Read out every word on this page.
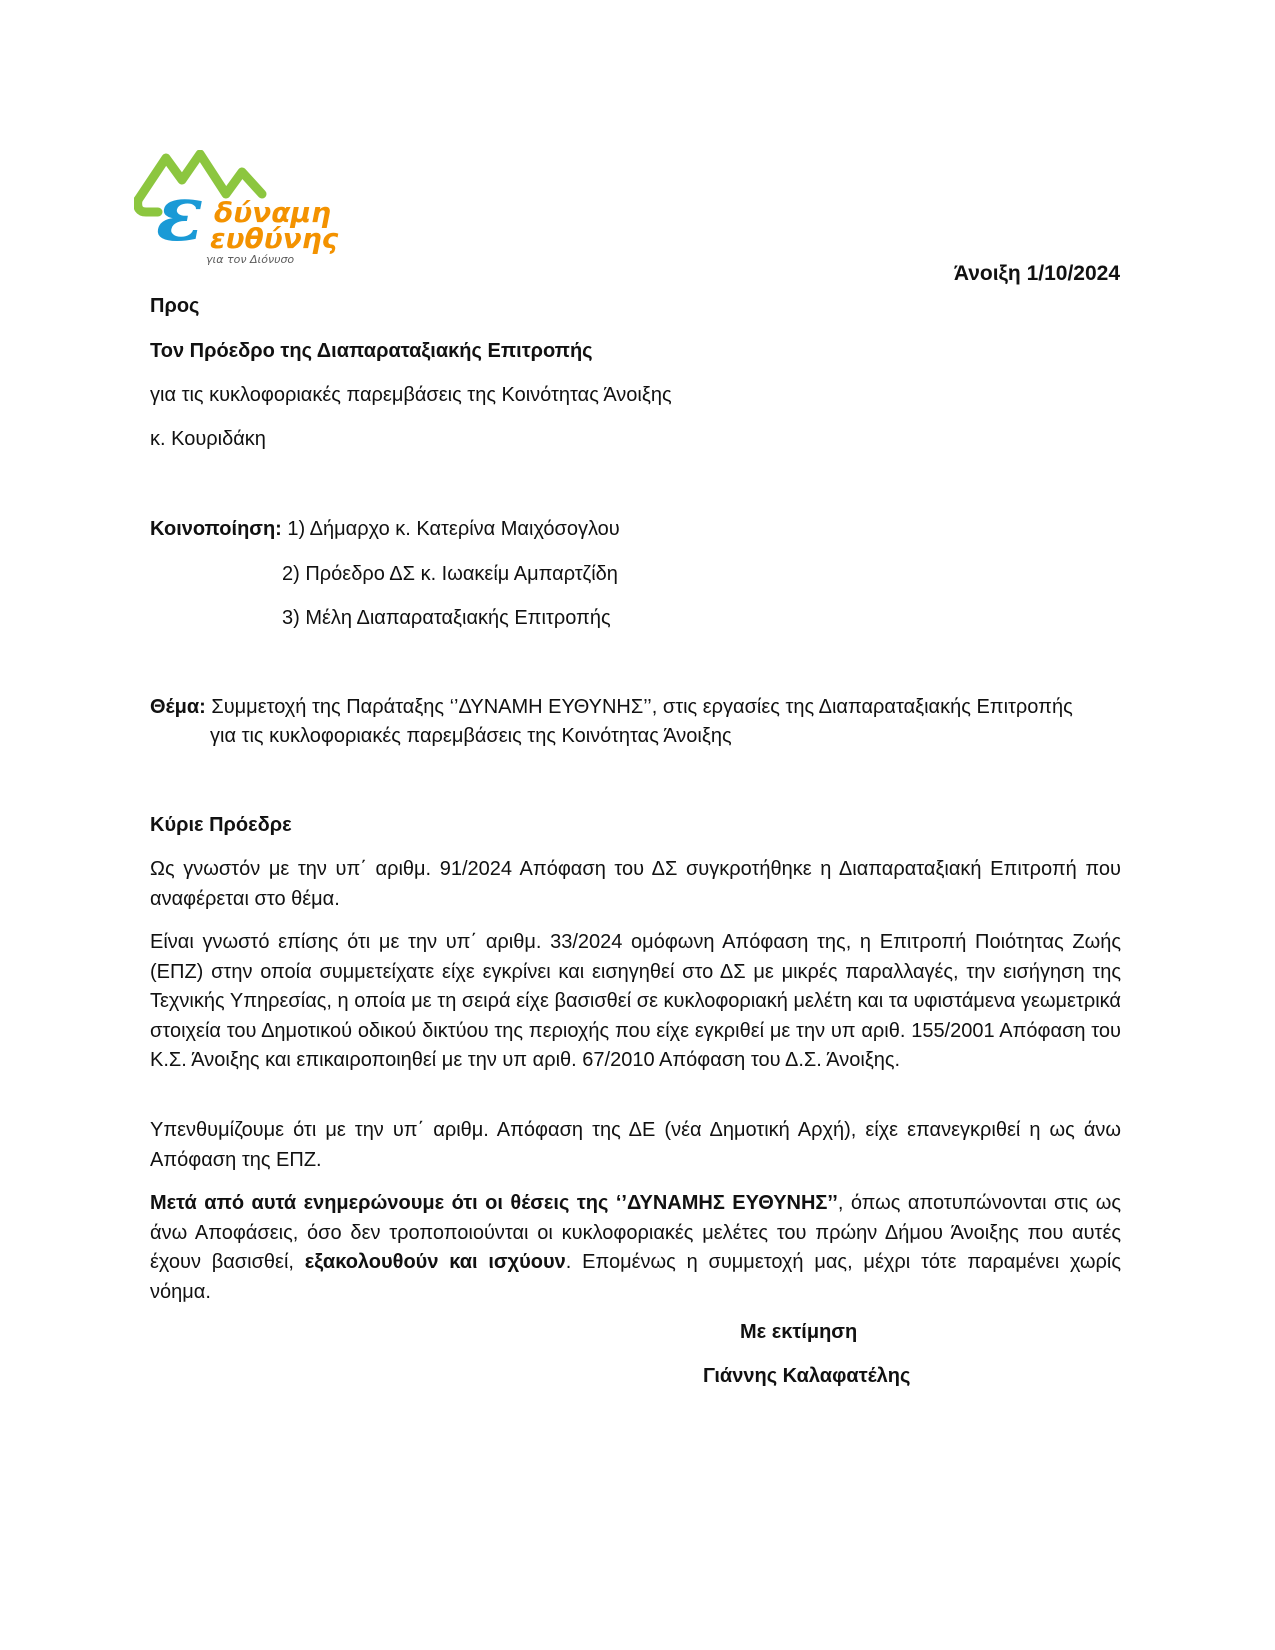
ε δύναμη
ευθύνης
για τον Διόνυσο
Άνοιξη 1/10/2024
Προς
Τον Πρόεδρο της Διαπαραταξιακής Επιτροπής
για τις κυκλοφοριακές παρεμβάσεις της Κοινότητας Άνοιξης
κ. Κουριδάκη
Κοινοποίηση: 1) Δήμαρχο κ. Κατερίνα Μαιχόσογλου
2) Πρόεδρο ΔΣ κ. Ιωακείμ Αμπαρτζίδη
3) Μέλη Διαπαραταξιακής Επιτροπής
Θέμα: Συμμετοχή της Παράταξης ‘’ΔΥΝΑΜΗ ΕΥΘΥΝΗΣ’’, στις εργασίες της Διαπαραταξιακής Επιτροπής
για τις κυκλοφοριακές παρεμβάσεις της Κοινότητας Άνοιξης
Κύριε Πρόεδρε

Ως γνωστόν με την υπ΄ αριθμ. 91/2024 Απόφαση του ΔΣ συγκροτήθηκε η Διαπαραταξιακή Επιτροπή που αναφέρεται στο θέμα.

Είναι γνωστό επίσης ότι με την υπ΄ αριθμ. 33/2024 ομόφωνη Απόφαση της, η Επιτροπή Ποιότητας Ζωής (ΕΠΖ) στην οποία συμμετείχατε είχε εγκρίνει και εισηγηθεί στο ΔΣ με μικρές παραλλαγές, την εισήγηση της Τεχνικής Υπηρεσίας, η οποία με τη σειρά είχε βασισθεί σε κυκλοφοριακή μελέτη και τα υφιστάμενα γεωμετρικά στοιχεία του Δημοτικού οδικού δικτύου της περιοχής που είχε εγκριθεί με την υπ αριθ. 155/2001 Απόφαση του Κ.Σ. Άνοιξης και επικαιροποιηθεί με την υπ αριθ. 67/2010 Απόφαση του Δ.Σ. Άνοιξης.

Υπενθυμίζουμε ότι με την υπ΄ αριθμ. Απόφαση της ΔΕ (νέα Δημοτική Αρχή), είχε επανεγκριθεί η ως άνω Απόφαση της ΕΠΖ.

Μετά από αυτά ενημερώνουμε ότι οι θέσεις της ‘’ΔΥΝΑΜΗΣ ΕΥΘΥΝΗΣ’’, όπως αποτυπώνονται στις ως άνω Αποφάσεις, όσο δεν τροποποιούνται οι κυκλοφοριακές μελέτες του πρώην Δήμου Άνοιξης που αυτές έχουν βασισθεί, εξακολουθούν και ισχύουν. Επομένως η συμμετοχή μας, μέχρι τότε παραμένει χωρίς νόημα.

Με εκτίμηση
Γιάννης Καλαφατέλης
